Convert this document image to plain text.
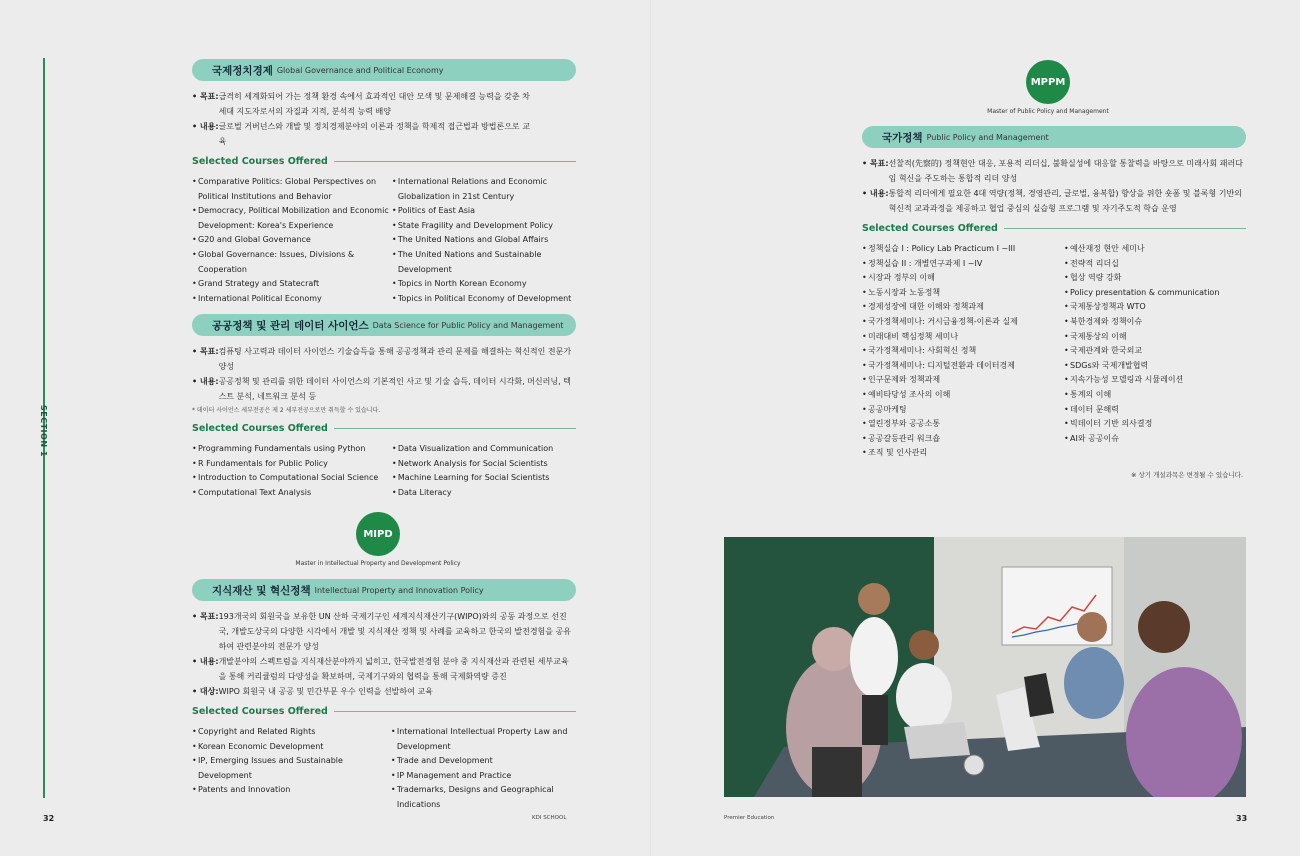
SECTION 1
국제정치경제 Global Governance and Political Economy
• 목표: 급격히 세계화되어 가는 정책 환경 속에서 효과적인 대안 모색 및 문제해결 능력을 갖춘 차세대 지도자로서의 자질과 지적, 분석적 능력 배양
• 내용: 글로벌 거버넌스와 개발 및 정치경제분야의 이론과 정책을 학제적 접근법과 방법론으로 교육
Selected Courses Offered
• Comparative Politics: Global Perspectives on Political Institutions and Behavior
• Democracy, Political Mobilization and Economic Development: Korea's Experience
• G20 and Global Governance
• Global Governance: Issues, Divisions & Cooperation
• Grand Strategy and Statecraft
• International Political Economy
• International Relations and Economic Globalization in 21st Century
• Politics of East Asia
• State Fragility and Development Policy
• The United Nations and Global Affairs
• The United Nations and Sustainable Development
• Topics in North Korean Economy
• Topics in Political Economy of Development
공공정책 및 관리 데이터 사이언스 Data Science for Public Policy and Management
• 목표: 컴퓨팅 사고력과 데이터 사이언스 기술습득을 통해 공공정책과 관리 문제를 해결하는 혁신적인 전문가 양성
• 내용: 공공정책 및 관리를 위한 데이터 사이언스의 기본적인 사고 및 기술 습득, 데이터 시각화, 머신러닝, 텍스트 분석, 네트워크 분석 등
* 데이터 사이언스 세부전공은 제 2 세부전공으로만 취득할 수 있습니다.
Selected Courses Offered
• Programming Fundamentals using Python
• R Fundamentals for Public Policy
• Introduction to Computational Social Science
• Computational Text Analysis
• Data Visualization and Communication
• Network Analysis for Social Scientists
• Machine Learning for Social Scientists
• Data Literacy
MIPD
Master in Intellectual Property and Development Policy
지식재산 및 혁신정책 Intellectual Property and Innovation Policy
• 목표: 193개국의 회원국을 보유한 UN 산하 국제기구인 세계지식재산기구(WIPO)와의 공동 과정으로 선진국, 개발도상국의 다양한 시각에서 개발 및 지식재산 정책 및 사례를 교육하고 한국의 발전경험을 공유하여 관련분야의 전문가 양성
• 내용: 개발분야의 스펙트럼을 지식재산분야까지 넓히고, 한국발전경험 분야 중 지식재산과 관련된 세부교육을 통해 커리큘럼의 다양성을 확보하며, 국제기구와의 협력을 통해 국제화역량 증진
• 대상: WIPO 회원국 내 공공 및 민간부문 우수 인력을 선발하여 교육
Selected Courses Offered
• Copyright and Related Rights
• Korean Economic Development
• IP, Emerging Issues and Sustainable Development
• Patents and Innovation
• International Intellectual Property Law and Development
• Trade and Development
• IP Management and Practice
• Trademarks, Designs and Geographical Indications
32	KDI SCHOOL
MPPM
Master of Public Policy and Management
국가정책 Public Policy and Management
• 목표: 선찰적(先察的) 정책현안 대응, 포용적 리더십, 불확실성에 대응할 통찰력을 바탕으로 미래사회 패러다임 혁신을 주도하는 통합적 리더 양성
• 내용: 통합적 리더에게 필요한 4대 역량(정책, 경영관리, 글로벌, 융복합) 향상을 위한 숏폼 및 블록형 기반의 혁신적 교과과정을 제공하고 협업 중심의 실습형 프로그램 및 자기주도적 학습 운영
Selected Courses Offered
• 정책실습 I : Policy Lab Practicum I ~III
• 정책실습 II : 개별연구과제 I ~IV
• 시장과 정부의 이해
• 노동시장과 노동정책
• 경제성장에 대한 이해와 정책과제
• 국가정책세미나: 거시금융정책-이론과 실제
• 미래대비 핵심정책 세미나
• 국가정책세미나: 사회혁신 정책
• 국가정책세미나: 디지털전환과 데이터경제
• 인구문제와 정책과제
• 예비타당성 조사의 이해
• 공공마케팅
• 열린정부와 공공소통
• 공공갈등관리 워크숍
• 조직 및 인사관리
• 예산재정 현안 세미나
• 전략적 리더십
• 협상 역량 강화
• Policy presentation & communication
• 국제통상정책과 WTO
• 북한경제와 정책이슈
• 국제통상의 이해
• 국제관계와 한국외교
• SDGs와 국제개발협력
• 지속가능성 모델링과 시뮬레이션
• 통계의 이해
• 데이터 문해력
• 빅데이터 기반 의사결정
• AI와 공공이슈
※ 상기 개설과목은 변경될 수 있습니다.
Premier Education	33
